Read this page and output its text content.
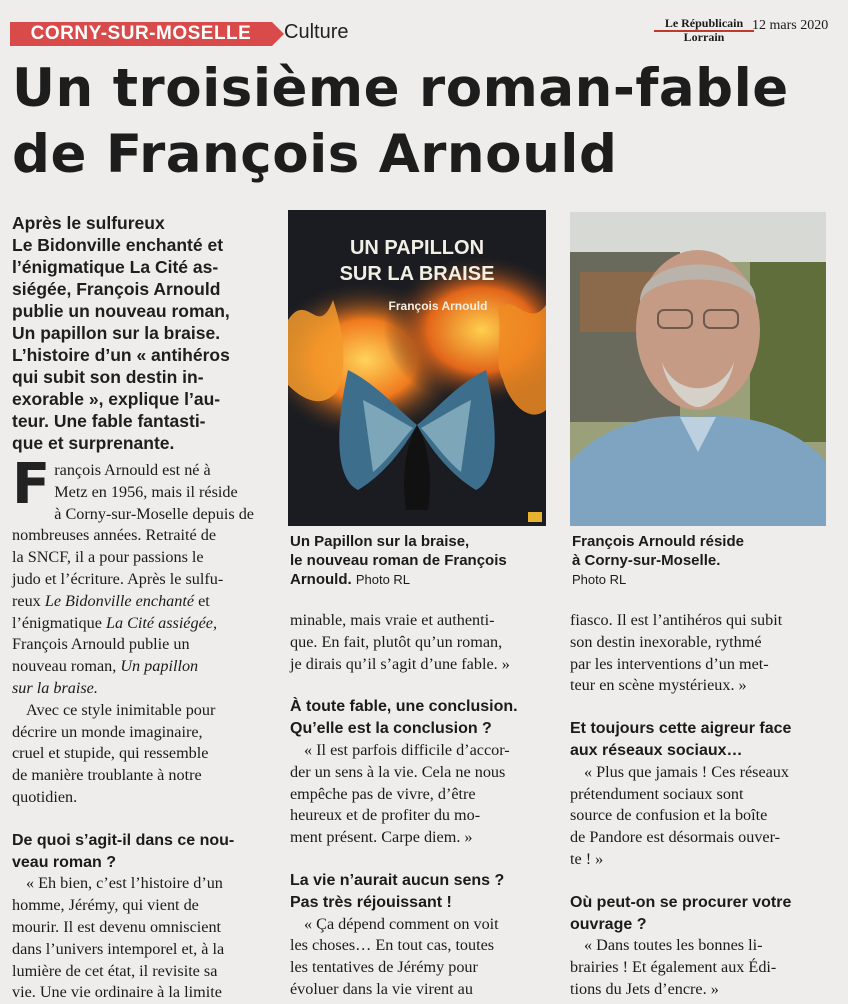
CORNY-SUR-MOSELLE	Culture	Le Républicain
Lorrain
12 mars 2020
Un troisième roman-fable
de François Arnould

Après le sulfureux
Le Bidonville enchanté et
l’énigmatique La Cité as-
siégée, François Arnould
publie un nouveau roman,
Un papillon sur la braise.
L’histoire d’un « antihéros
qui subit son destin in-
exorable », explique l’au-
teur. Une fable fantasti-
que et surprenante.

UN PAPILLON
SUR LA BRAISE
François Arnould

Un Papillon sur la braise,
le nouveau roman de François
Arnould. Photo RL

François Arnould réside
à Corny-sur-Moselle.
Photo RL

F rançois Arnould est né à
Metz en 1956, mais il réside
à Corny-sur-Moselle depuis de
nombreuses années. Retraité de
la SNCF, il a pour passions le
judo et l’écriture. Après le sulfu-
reux Le Bidonville enchanté et
l’énigmatique La Cité assiégée,
François Arnould publie un
nouveau roman, Un papillon
sur la braise.
Avec ce style inimitable pour
décrire un monde imaginaire,
cruel et stupide, qui ressemble
de manière troublante à notre
quotidien.
De quoi s’agit-il dans ce nou-
veau roman ?
« Eh bien, c’est l’histoire d’un
homme, Jérémy, qui vient de
mourir. Il est devenu omniscient
dans l’univers intemporel et, à la
lumière de cet état, il revisite sa
vie. Une vie ordinaire à la limite
minable, mais vraie et authenti-
que. En fait, plutôt qu’un roman,
je dirais qu’il s’agit d’une fable. »
À toute fable, une conclusion.
Qu’elle est la conclusion ?
« Il est parfois difficile d’accor-
der un sens à la vie. Cela ne nous
empêche pas de vivre, d’être
heureux et de profiter du mo-
ment présent. Carpe diem. »
La vie n’aurait aucun sens ?
Pas très réjouissant !
« Ça dépend comment on voit
les choses… En tout cas, toutes
les tentatives de Jérémy pour
évoluer dans la vie virent au
fiasco. Il est l’antihéros qui subit
son destin inexorable, rythmé
par les interventions d’un met-
teur en scène mystérieux. »
Et toujours cette aigreur face
aux réseaux sociaux…
« Plus que jamais ! Ces réseaux
prétendument sociaux sont
source de confusion et la boîte
de Pandore est désormais ouver-
te ! »
Où peut-on se procurer votre
ouvrage ?
« Dans toutes les bonnes li-
brairies ! Et également aux Édi-
tions du Jets d’encre. »
